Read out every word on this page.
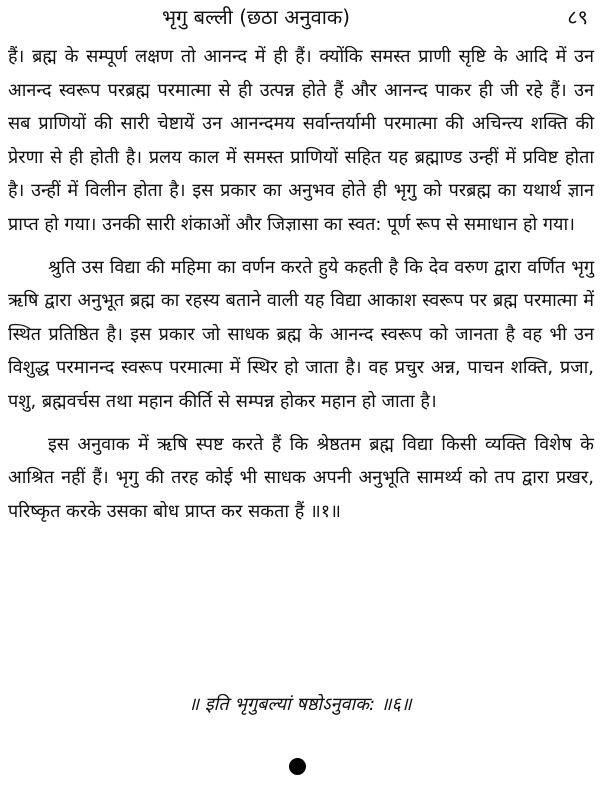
भृगु बल्ली (छठा अनुवाक)	८९

हैं। ब्रह्म के सम्पूर्ण लक्षण तो आनन्द में ही हैं। क्योंकि समस्त प्राणी सृष्टि के आदि में उन आनन्द स्वरूप परब्रह्म परमात्मा से ही उत्पन्न होते हैं और आनन्द पाकर ही जी रहे हैं। उन सब प्राणियों की सारी चेष्टायें उन आनन्दमय सर्वान्तर्यामी परमात्मा की अचिन्त्य शक्ति की प्रेरणा से ही होती है। प्रलय काल में समस्त प्राणियों सहित यह ब्रह्माण्ड उन्हीं में प्रविष्ट होता है। उन्हीं में विलीन होता है। इस प्रकार का अनुभव होते ही भृगु को परब्रह्म का यथार्थ ज्ञान प्राप्त हो गया। उनकी सारी शंकाओं और जिज्ञासा का स्वत: पूर्ण रूप से समाधान हो गया।

श्रुति उस विद्या की महिमा का वर्णन करते हुये कहती है कि देव वरुण द्वारा वर्णित भृगु ऋषि द्वारा अनुभूत ब्रह्म का रहस्य बताने वाली यह विद्या आकाश स्वरूप पर ब्रह्म परमात्मा में स्थित प्रतिष्ठित है। इस प्रकार जो साधक ब्रह्म के आनन्द स्वरूप को जानता है वह भी उन विशुद्ध परमानन्द स्वरूप परमात्मा में स्थिर हो जाता है। वह प्रचुर अन्न, पाचन शक्ति, प्रजा, पशु, ब्रह्मवर्चस तथा महान कीर्ति से सम्पन्न होकर महान हो जाता है।

इस अनुवाक में ऋषि स्पष्ट करते हैं कि श्रेष्ठतम ब्रह्म विद्या किसी व्यक्ति विशेष के आश्रित नहीं हैं। भृगु की तरह कोई भी साधक अपनी अनुभूति सामर्थ्य को तप द्वारा प्रखर, परिष्कृत करके उसका बोध प्राप्त कर सकता हैं ॥१॥

॥ इति भृगुबल्यां षष्ठोऽनुवाक: ॥६॥
